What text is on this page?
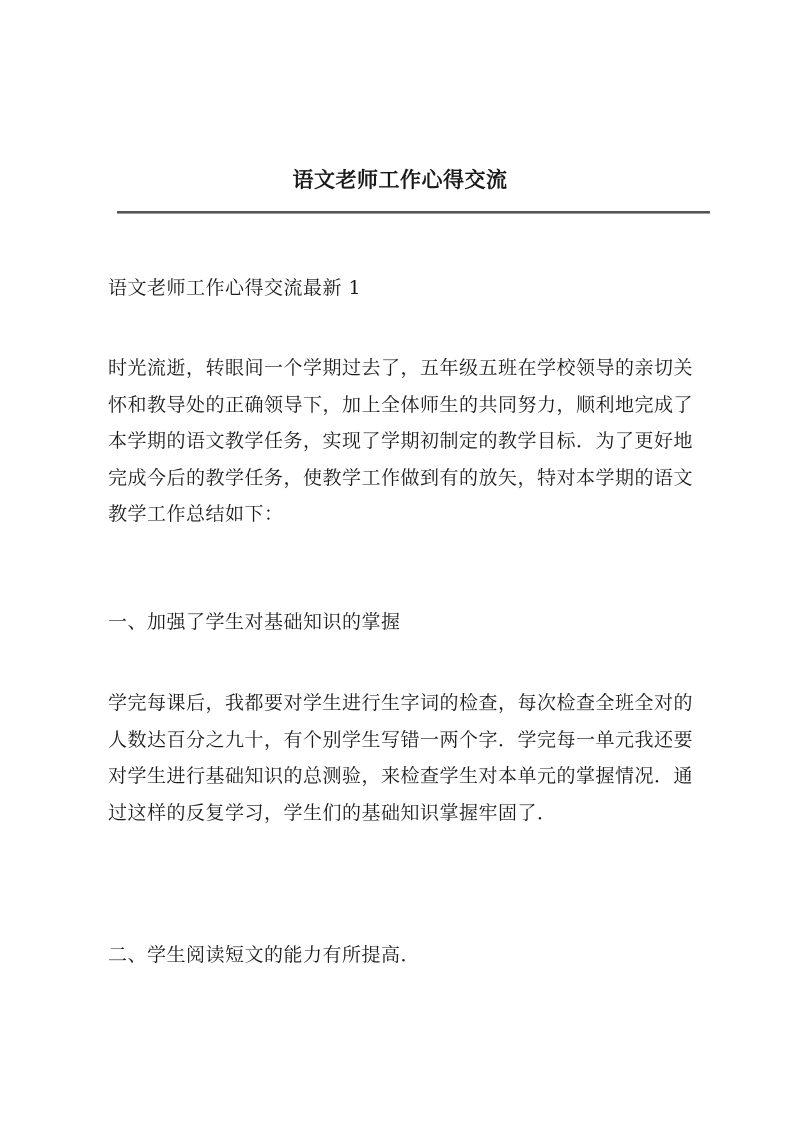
语文老师工作心得交流

语文老师工作心得交流最新 1

时光流逝，转眼间一个学期过去了，五年级五班在学校领导的亲切关怀和教导处的正确领导下，加上全体师生的共同努力，顺利地完成了本学期的语文教学任务，实现了学期初制定的教学目标．为了更好地完成今后的教学任务，使教学工作做到有的放矢，特对本学期的语文教学工作总结如下：

一、加强了学生对基础知识的掌握

学完每课后，我都要对学生进行生字词的检查，每次检查全班全对的人数达百分之九十，有个别学生写错一两个字．学完每一单元我还要对学生进行基础知识的总测验，来检查学生对本单元的掌握情况．通过这样的反复学习，学生们的基础知识掌握牢固了．

二、学生阅读短文的能力有所提高．
